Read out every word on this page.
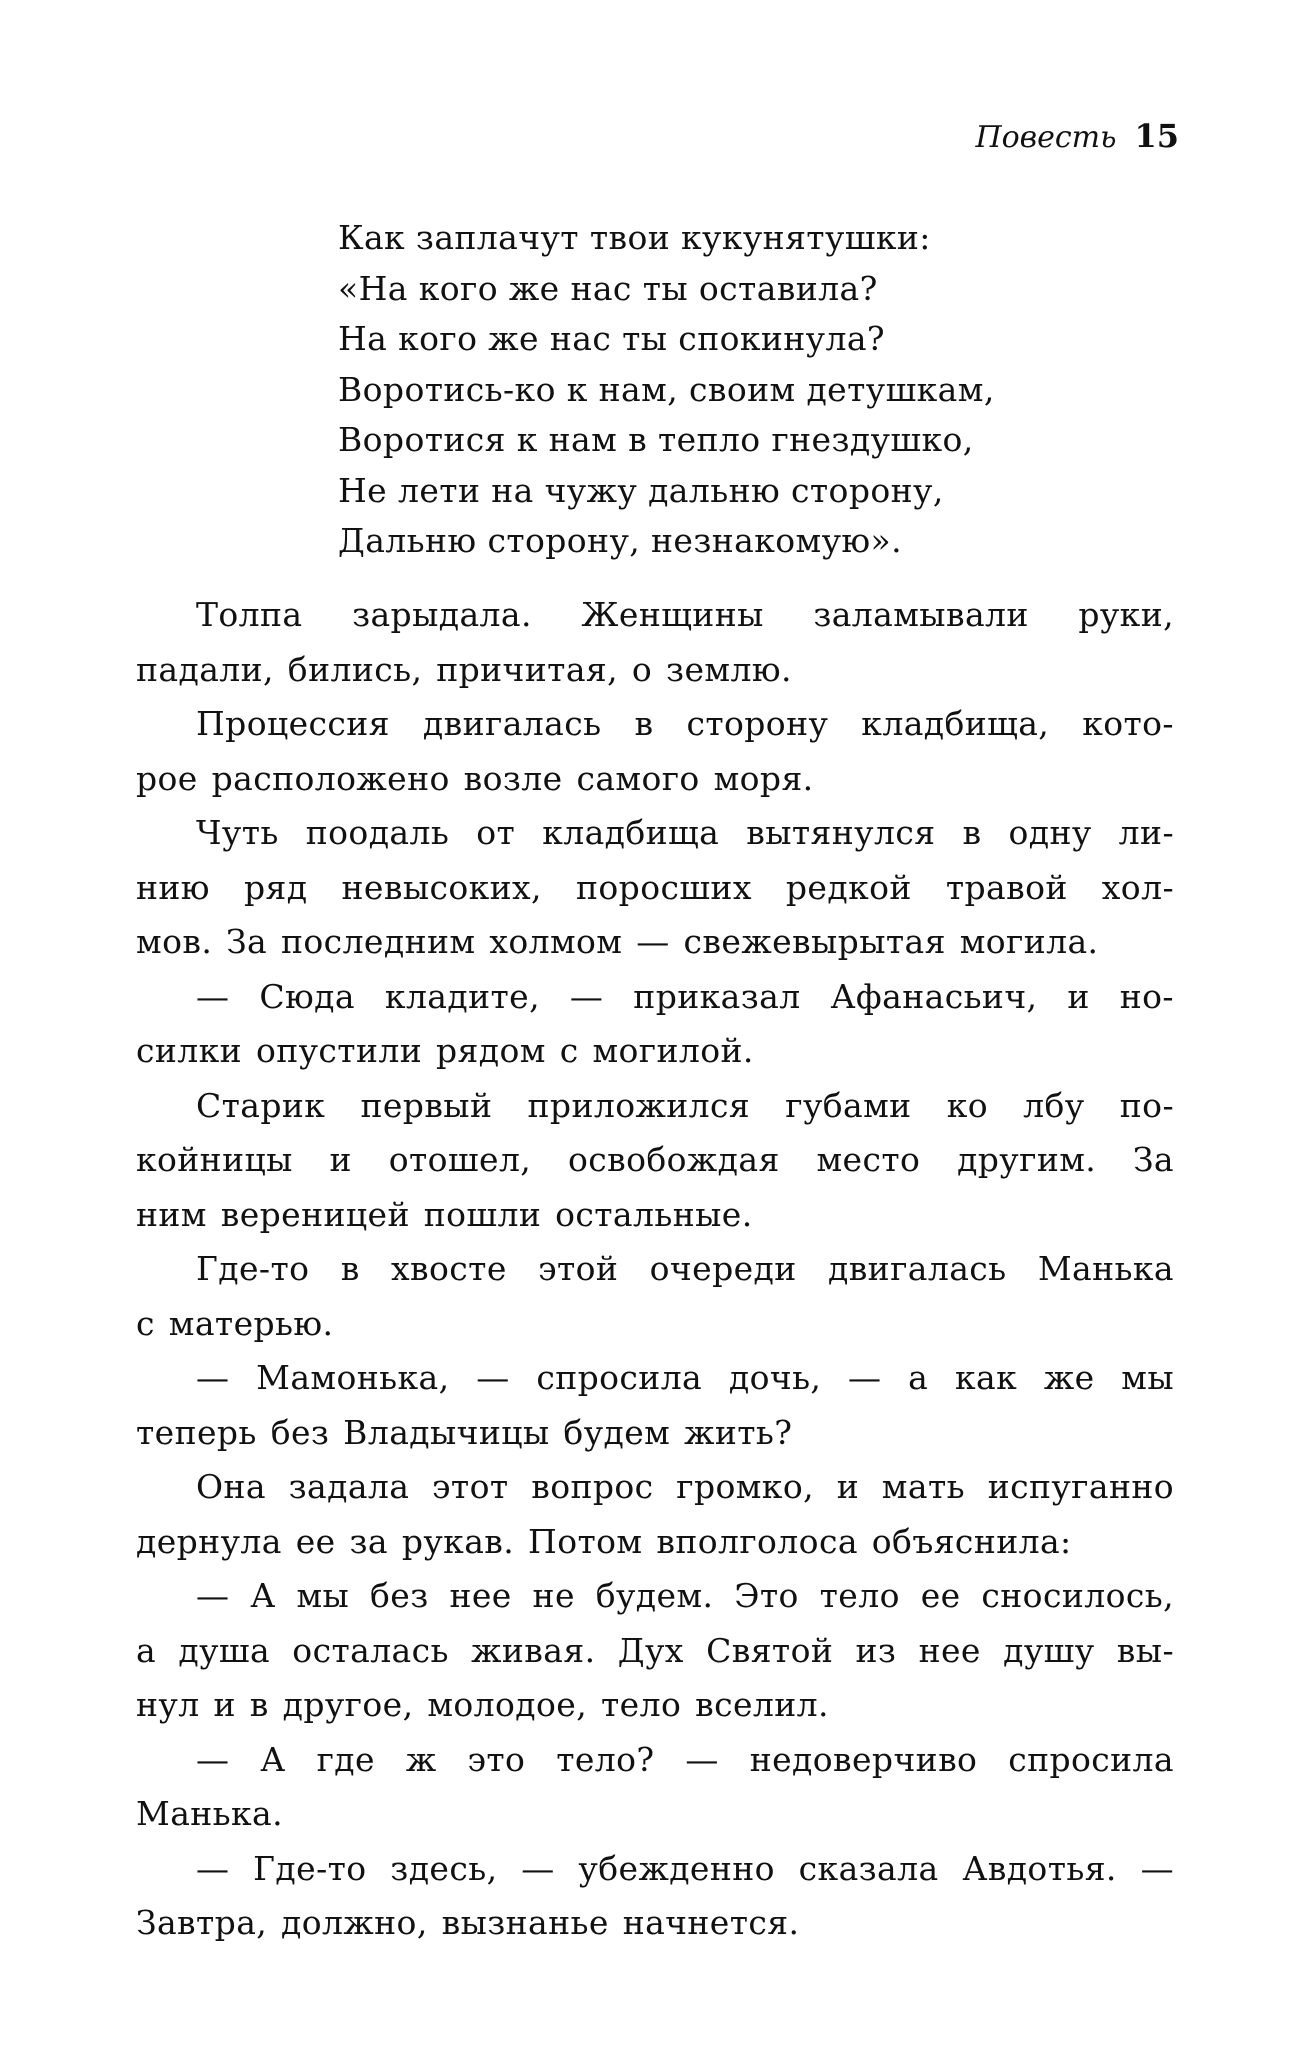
Повесть 15
Как заплачут твои кукунятушки:
«На кого же нас ты оставила?
На кого же нас ты спокинула?
Воротись-ко к нам, своим детушкам,
Воротися к нам в тепло гнездушко,
Не лети на чужу дальню сторону,
Дальню сторону, незнакомую».
Толпа зарыдала. Женщины заламывали руки,
падали, бились, причитая, о землю.
Процессия двигалась в сторону кладбища, кото-
рое расположено возле самого моря.
Чуть поодаль от кладбища вытянулся в одну ли-
нию ряд невысоких, поросших редкой травой хол-
мов. За последним холмом — свежевырытая могила.
— Сюда кладите, — приказал Афанасьич, и но-
силки опустили рядом с могилой.
Старик первый приложился губами ко лбу по-
койницы и отошел, освобождая место другим. За
ним вереницей пошли остальные.
Где-то в хвосте этой очереди двигалась Манька
с матерью.
— Мамонька, — спросила дочь, — а как же мы
теперь без Владычицы будем жить?
Она задала этот вопрос громко, и мать испуганно
дернула ее за рукав. Потом вполголоса объяснила:
— А мы без нее не будем. Это тело ее сносилось,
а душа осталась живая. Дух Святой из нее душу вы-
нул и в другое, молодое, тело вселил.
— А где ж это тело? — недоверчиво спросила
Манька.
— Где-то здесь, — убежденно сказала Авдотья. —
Завтра, должно, вызнанье начнется.
